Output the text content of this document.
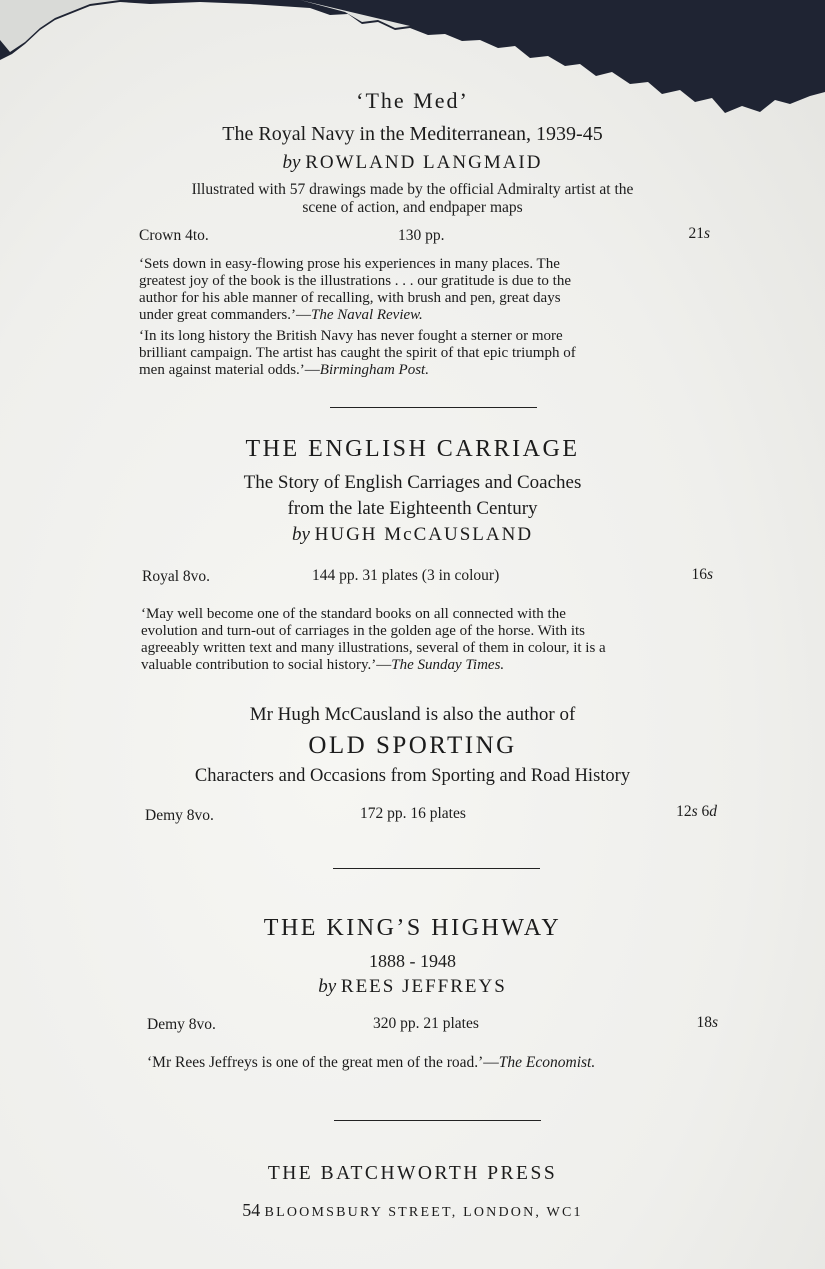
‘The Med’
The Royal Navy in the Mediterranean, 1939-45
by ROWLAND LANGMAID
Illustrated with 57 drawings made by the official Admiralty artist at the
scene of action, and endpaper maps
Crown 4to.	130 pp.	21s
‘Sets down in easy-flowing prose his experiences in many places. The
greatest joy of the book is the illustrations . . . our gratitude is due to the
author for his able manner of recalling, with brush and pen, great days
under great commanders.’—The Naval Review.
‘In its long history the British Navy has never fought a sterner or more
brilliant campaign. The artist has caught the spirit of that epic triumph of
men against material odds.’—Birmingham Post.
THE ENGLISH CARRIAGE
The Story of English Carriages and Coaches
from the late Eighteenth Century
by HUGH McCAUSLAND
Royal 8vo.	144 pp. 31 plates (3 in colour)	16s
‘May well become one of the standard books on all connected with the
evolution and turn-out of carriages in the golden age of the horse. With its
agreeably written text and many illustrations, several of them in colour, it is a
valuable contribution to social history.’—The Sunday Times.
Mr Hugh McCausland is also the author of
OLD SPORTING
Characters and Occasions from Sporting and Road History
Demy 8vo.	172 pp. 16 plates	12s 6d
THE KING’S HIGHWAY
1888 - 1948
by REES JEFFREYS
Demy 8vo.	320 pp. 21 plates	18s
‘Mr Rees Jeffreys is one of the great men of the road.’—The Economist.
THE BATCHWORTH PRESS
54 BLOOMSBURY STREET, LONDON, WC1
